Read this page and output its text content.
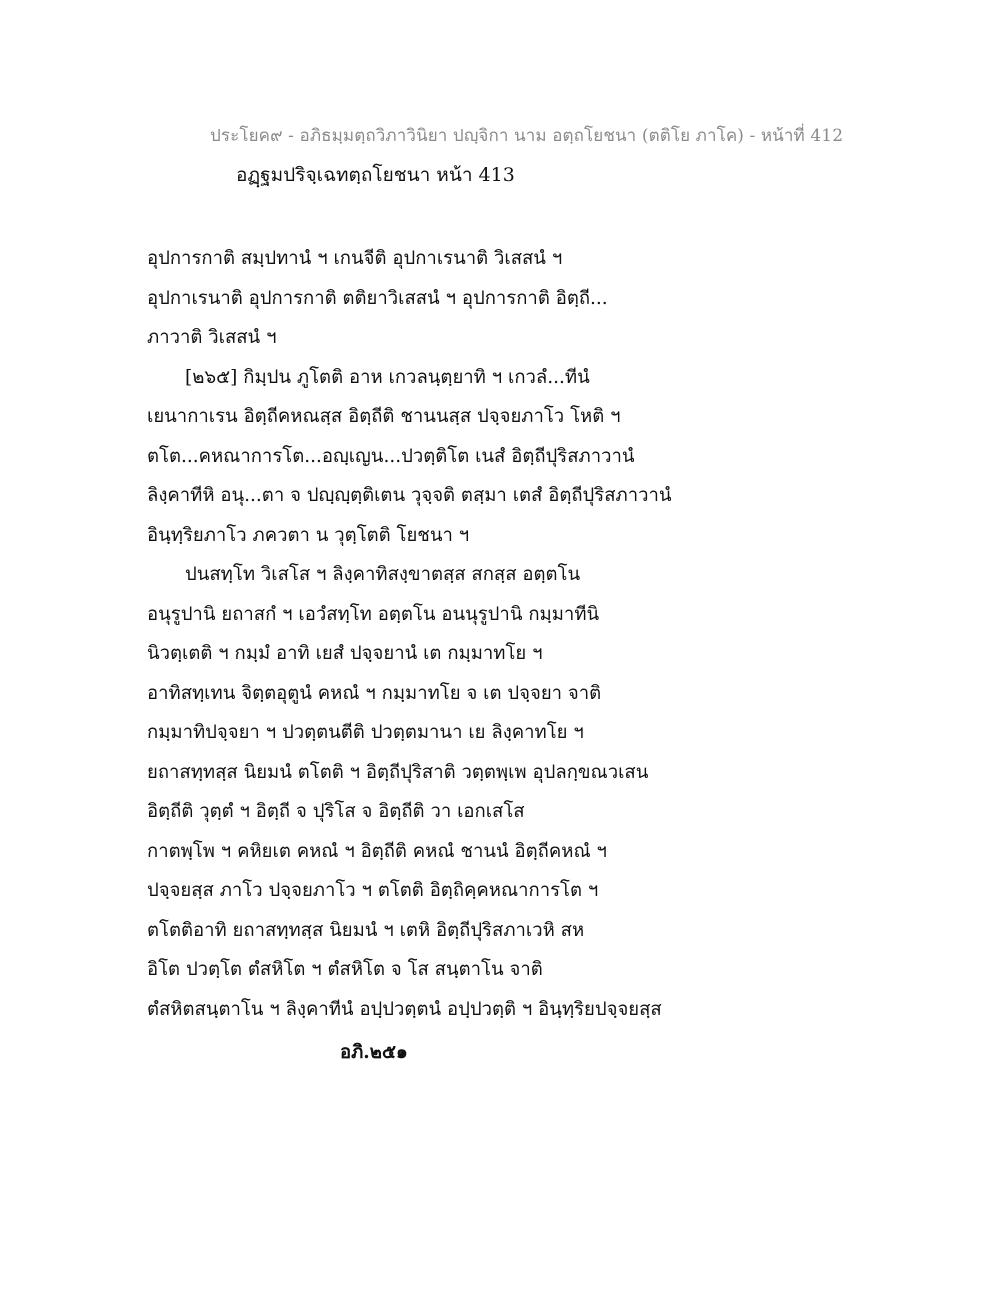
ประโยค๙ - อภิธมฺมตฺถวิภาวินิยา ปญฺจิกา นาม อตฺถโยชนา (ตติโย ภาโค) - หน้าที่ 412
อฏฺฐมปริจฺเฉทตฺถโยชนา หน้า 413
อุปการกาติ สมฺปทานํ ฯ เกนจีติ อุปกาเรนาติ วิเสสนํ ฯ
อุปกาเรนาติ อุปการกาติ ตติยาวิเสสนํ ฯ อุปการกาติ อิตฺถี...
ภาวาติ วิเสสนํ ฯ
[๒๖๕] กิมฺปน ภูโตติ อาห เกวลนฺตฺยาทิ ฯ เกวลํ...ทีนํ
เยนากาเรน อิตฺถีคหณสฺส อิตฺถีติ ชานนสฺส ปจฺจยภาโว โหติ ฯ
ตโต...คหณาการโต...อญฺเญน...ปวตฺติโต เนสํ อิตฺถีปุริสภาวานํ
ลิงฺคาทีหิ อนุ...ตา จ ปญฺญฺตฺติเตน วุจฺจติ ตสฺมา เตสํ อิตฺถีปุริสภาวานํ
อินฺทฺริยภาโว ภควตา น วุตฺโตติ โยชนา ฯ
ปนสทฺโท วิเสโส ฯ ลิงฺคาทิสงฺขาตสฺส สกสฺส อตฺตโน
อนุรูปานิ ยถาสกํ ฯ เอวํสทฺโท อตฺตโน อนนุรูปานิ กมฺมาทีนิ
นิวตฺเตติ ฯ กมฺมํ อาทิ เยสํ ปจฺจยานํ เต กมฺมาทโย ฯ
อาทิสทฺเทน จิตฺตอุตูนํ คหณํ ฯ กมฺมาทโย จ เต ปจฺจยา จาติ
กมฺมาทิปจฺจยา ฯ ปวตฺตนตีติ ปวตฺตมานา เย ลิงฺคาทโย ฯ
ยถาสทฺทสฺส นิยมนํ ตโตติ ฯ อิตฺถีปุริสาติ วตฺตพฺเพ อุปลกฺขณวเสน
อิตฺถีติ วุตฺตํ ฯ อิตฺถี จ ปุริโส จ อิตฺถีติ วา เอกเสโส
กาตพฺโพ ฯ คหิยเต คหณํ ฯ อิตฺถีติ คหณํ ชานนํ อิตฺถีคหณํ ฯ
ปจฺจยสฺส ภาโว ปจฺจยภาโว ฯ ตโตติ อิตฺถิคฺคหณาการโต ฯ
ตโตติอาทิ ยถาสทฺทสฺส นิยมนํ ฯ เตหิ อิตฺถีปุริสภาเวหิ สห
อิโต ปวตฺโต ตํสหิโต ฯ ตํสหิโต จ โส สนฺตาโน จาติ
ตํสหิตสนฺตาโน ฯ ลิงฺคาทีนํ อปฺปวตฺตนํ อปฺปวตฺติ ฯ อินฺทฺริยปจฺจยสฺส
อภิ.๒๕๑
